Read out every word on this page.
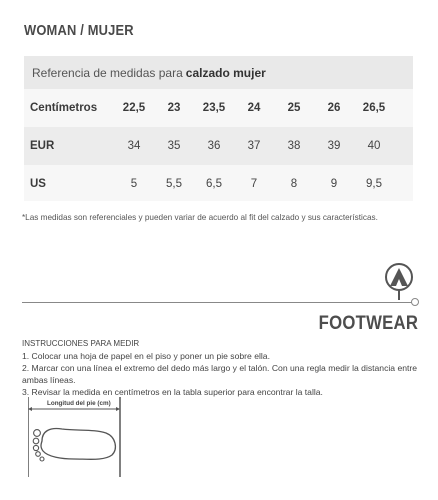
WOMAN / MUJER
Referencia de medidas para calzado mujer
Centímetros	22,5	23	23,5	24	25	26	26,5
EUR	34	35	36	37	38	39	40
US	5	5,5	6,5	7	8	9	9,5
*Las medidas son referenciales y pueden variar de acuerdo al fit del calzado y sus características.
FOOTWEAR
INSTRUCCIONES PARA MEDIR
1. Colocar una hoja de papel en el piso y poner un pie sobre ella.
2. Marcar con una línea el extremo del dedo más largo y el talón. Con una regla medir la distancia entre ambas líneas.
3. Revisar la medida en centímetros en la tabla superior para encontrar la talla.
Longitud del pie (cm)
